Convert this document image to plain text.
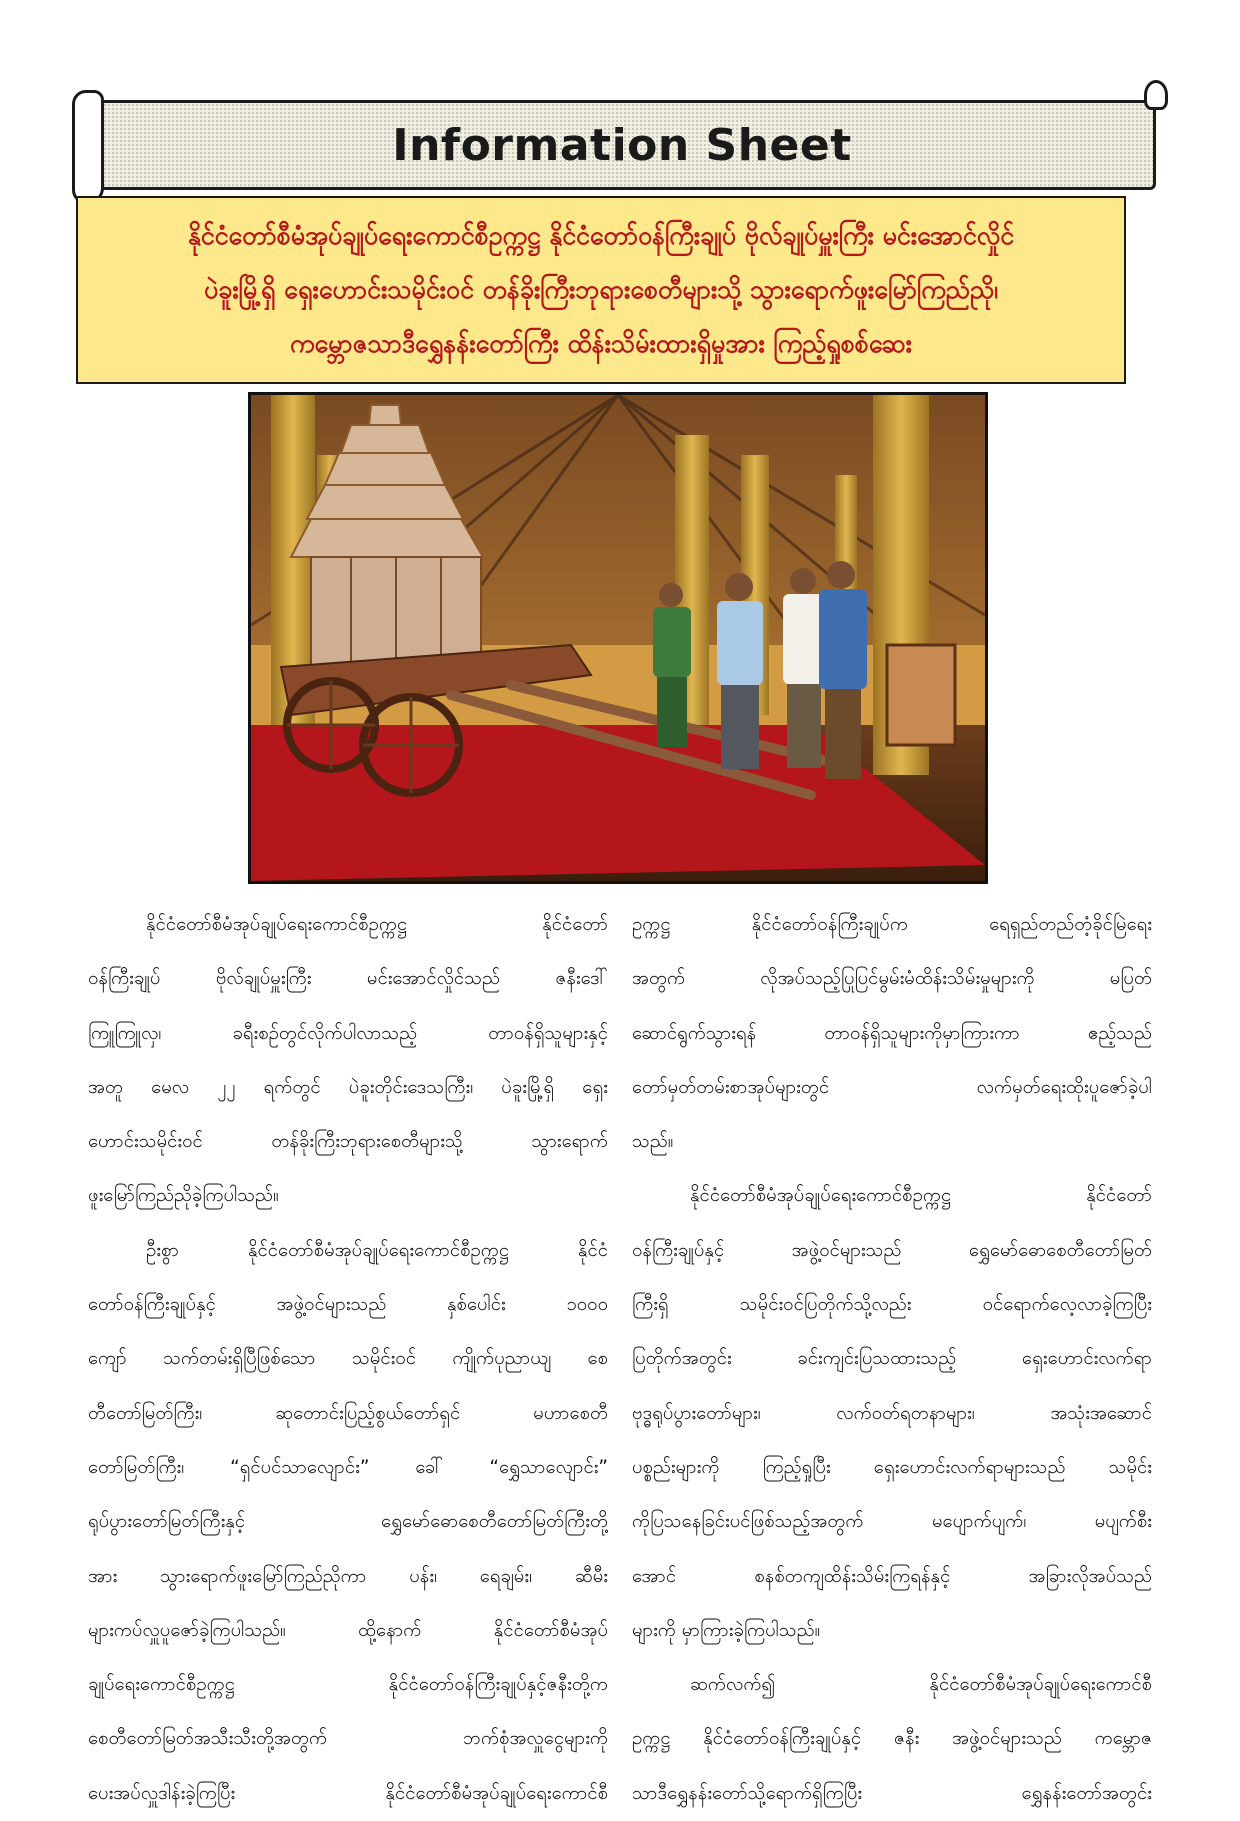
Information Sheet
နိုင်ငံတော်စီမံအုပ်ချုပ်ရေးကောင်စီဥက္ကဋ္ဌ နိုင်ငံတော်ဝန်ကြီးချုပ် ဗိုလ်ချုပ်မှူးကြီး မင်းအောင်လှိုင်
ပဲခူးမြို့ရှိ ရှေးဟောင်းသမိုင်းဝင် တန်ခိုးကြီးဘုရားစေတီများသို့ သွားရောက်ဖူးမြော်ကြည်ညို၊
ကမ္ဘောဇသာဒီရွှေနန်းတော်ကြီး ထိန်းသိမ်းထားရှိမှုအား ကြည့်ရှုစစ်ဆေး
နိုင်ငံတော်စီမံအုပ်ချုပ်ရေးကောင်စီဥက္ကဋ္ဌ နိုင်ငံတော်
ဝန်ကြီးချုပ် ဗိုလ်ချုပ်မှူးကြီး မင်းအောင်လှိုင်သည် ဇနီးဒေါ်
ကြူကြူလှ၊ ခရီးစဉ်တွင်လိုက်ပါလာသည့် တာဝန်ရှိသူများနှင့်
အတူ မေလ ၂၂ ရက်တွင် ပဲခူးတိုင်းဒေသကြီး၊ ပဲခူးမြို့ရှိ ရှေး
ဟောင်းသမိုင်းဝင် တန်ခိုးကြီးဘုရားစေတီများသို့ သွားရောက်
ဖူးမြော်ကြည်ညိုခဲ့ကြပါသည်။
ဦးစွာ နိုင်ငံတော်စီမံအုပ်ချုပ်ရေးကောင်စီဥက္ကဋ္ဌ နိုင်ငံ
တော်ဝန်ကြီးချုပ်နှင့် အဖွဲ့ဝင်များသည် နှစ်ပေါင်း ၁၀၀၀
ကျော် သက်တမ်းရှိပြီဖြစ်သော သမိုင်းဝင် ကျိုက်ပုညာယျ စေ
တီတော်မြတ်ကြီး၊ ဆုတောင်းပြည့်စွယ်တော်ရှင် မဟာစေတီ
တော်မြတ်ကြီး၊ “ရှင်ပင်သာလျောင်း” ခေါ် “ရွှေသာလျောင်း”
ရုပ်ပွားတော်မြတ်ကြီးနှင့် ရွှေမော်ဓောစေတီတော်မြတ်ကြီးတို့
အား သွားရောက်ဖူးမြော်ကြည်ညိုကာ ပန်း၊ ရေချမ်း၊ ဆီမီး
များကပ်လှူပူဇော်ခဲ့ကြပါသည်။ ထို့နောက် နိုင်ငံတော်စီမံအုပ်
ချုပ်ရေးကောင်စီဥက္ကဋ္ဌ နိုင်ငံတော်ဝန်ကြီးချုပ်နှင့်ဇနီးတို့က
စေတီတော်မြတ်အသီးသီးတို့အတွက် ဘက်စုံအလှူငွေများကို
ပေးအပ်လှူဒါန်းခဲ့ကြပြီး နိုင်ငံတော်စီမံအုပ်ချုပ်ရေးကောင်စီ
ဥက္ကဋ္ဌ နိုင်ငံတော်ဝန်ကြီးချုပ်က ရေရှည်တည်တံ့ခိုင်မြဲရေး
အတွက် လိုအပ်သည့်ပြုပြင်မွမ်းမံထိန်းသိမ်းမှုများကို မပြတ်
ဆောင်ရွက်သွားရန် တာဝန်ရှိသူများကိုမှာကြားကာ ဧည့်သည်
တော်မှတ်တမ်းစာအုပ်များတွင် လက်မှတ်ရေးထိုးပူဇော်ခဲ့ပါ
သည်။
နိုင်ငံတော်စီမံအုပ်ချုပ်ရေးကောင်စီဥက္ကဋ္ဌ နိုင်ငံတော်
ဝန်ကြီးချုပ်နှင့် အဖွဲ့ဝင်များသည် ရွှေမော်ဓောစေတီတော်မြတ်
ကြီးရှိ သမိုင်းဝင်ပြတိုက်သို့လည်း ဝင်ရောက်လေ့လာခဲ့ကြပြီး
ပြတိုက်အတွင်း ခင်းကျင်းပြသထားသည့် ရှေးဟောင်းလက်ရာ
ဗုဒ္ဓရုပ်ပွားတော်များ၊ လက်ဝတ်ရတနာများ၊ အသုံးအဆောင်
ပစ္စည်းများကို ကြည့်ရှုပြီး ရှေးဟောင်းလက်ရာများသည် သမိုင်း
ကိုပြသနေခြင်းပင်ဖြစ်သည့်အတွက် မပျောက်ပျက်၊ မပျက်စီး
အောင် စနစ်တကျထိန်းသိမ်းကြရန်နှင့် အခြားလိုအပ်သည်
များကို မှာကြားခဲ့ကြပါသည်။
ဆက်လက်၍ နိုင်ငံတော်စီမံအုပ်ချုပ်ရေးကောင်စီ
ဥက္ကဋ္ဌ နိုင်ငံတော်ဝန်ကြီးချုပ်နှင့် ဇနီး အဖွဲ့ဝင်များသည် ကမ္ဘောဇ
သာဒီရွှေနန်းတော်သို့ရောက်ရှိကြပြီး ရွှေနန်းတော်အတွင်း
